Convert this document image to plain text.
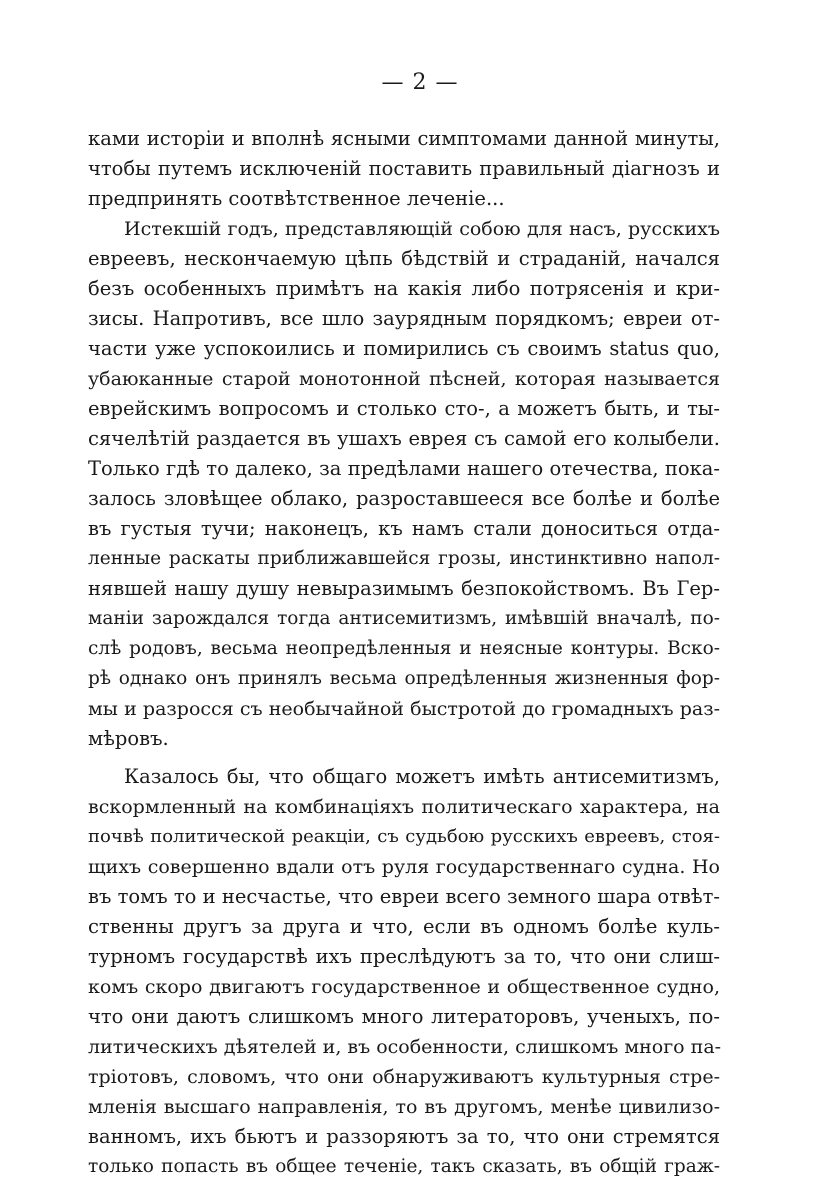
— 2 —
ками исторіи и вполнѣ ясными симптомами данной минуты,
чтобы путемъ исключеній поставить правильный діагнозъ и
предпринять соотвѣтственное леченіе...
Истекшій годъ, представляющій собою для насъ, русскихъ
евреевъ, нескончаемую цѣпь бѣдствій и страданій, начался
безъ особенныхъ примѣтъ на какія либо потрясенія и кри-
зисы. Напротивъ, все шло заурядным порядкомъ; евреи от-
части уже успокоились и помирились съ своимъ status quo,
убаюканные старой монотонной пѣсней, которая называется
еврейскимъ вопросомъ и столько сто-, а можетъ быть, и ты-
сячелѣтій раздается въ ушахъ еврея съ самой его колыбели.
Только гдѣ то далеко, за предѣлами нашего отечества, пока-
залось зловѣщее облако, разроставшееся все болѣе и болѣе
въ густыя тучи; наконецъ, къ намъ стали доноситься отда-
ленные раскаты приближавшейся грозы, инстинктивно напол-
нявшей нашу душу невыразимымъ безпокойствомъ. Въ Гер-
маніи зарождался тогда антисемитизмъ, имѣвшій вначалѣ, по-
слѣ родовъ, весьма неопредѣленныя и неясные контуры. Вско-
рѣ однако онъ принялъ весьма опредѣленныя жизненныя фор-
мы и разросся съ необычайной быстротой до громадныхъ раз-
мѣровъ.
Казалось бы, что общаго можетъ имѣть антисемитизмъ,
вскормленный на комбинаціяхъ политическаго характера, на
почвѣ политической реакціи, съ судьбою русскихъ евреевъ, стоя-
щихъ совершенно вдали отъ руля государственнаго судна. Но
въ томъ то и несчастье, что евреи всего земного шара отвѣт-
ственны другъ за друга и что, если въ одномъ болѣе куль-
турномъ государствѣ ихъ преслѣдуютъ за то, что они слиш-
комъ скоро двигаютъ государственное и общественное судно,
что они даютъ слишкомъ много литераторовъ, ученыхъ, по-
литическихъ дѣятелей и, въ особенности, слишкомъ много па-
тріотовъ, словомъ, что они обнаруживаютъ культурныя стре-
мленія высшаго направленія, то въ другомъ, менѣе цивилизо-
ванномъ, ихъ бьютъ и раззоряютъ за то, что они стремятся
только попасть въ общее теченіе, такъ сказать, въ общій граж-
